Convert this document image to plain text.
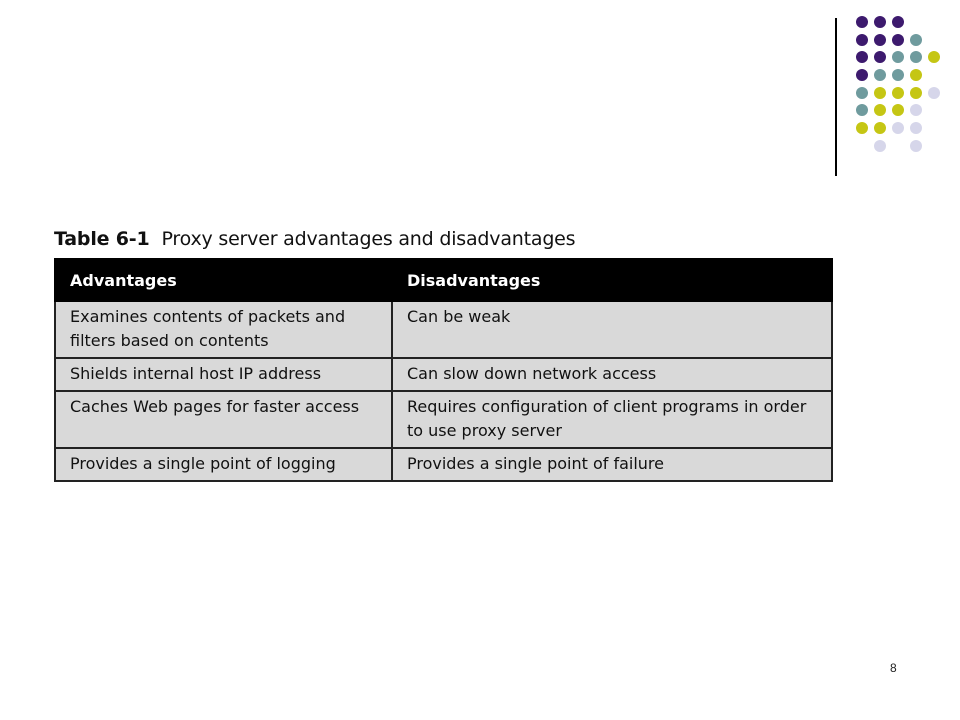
Table 6-1 Proxy server advantages and disadvantages
Advantages	Disadvantages
Examines contents of packets and filters based on contents	Can be weak
Shields internal host IP address	Can slow down network access
Caches Web pages for faster access	Requires configuration of client programs in order to use proxy server
Provides a single point of logging	Provides a single point of failure
8
